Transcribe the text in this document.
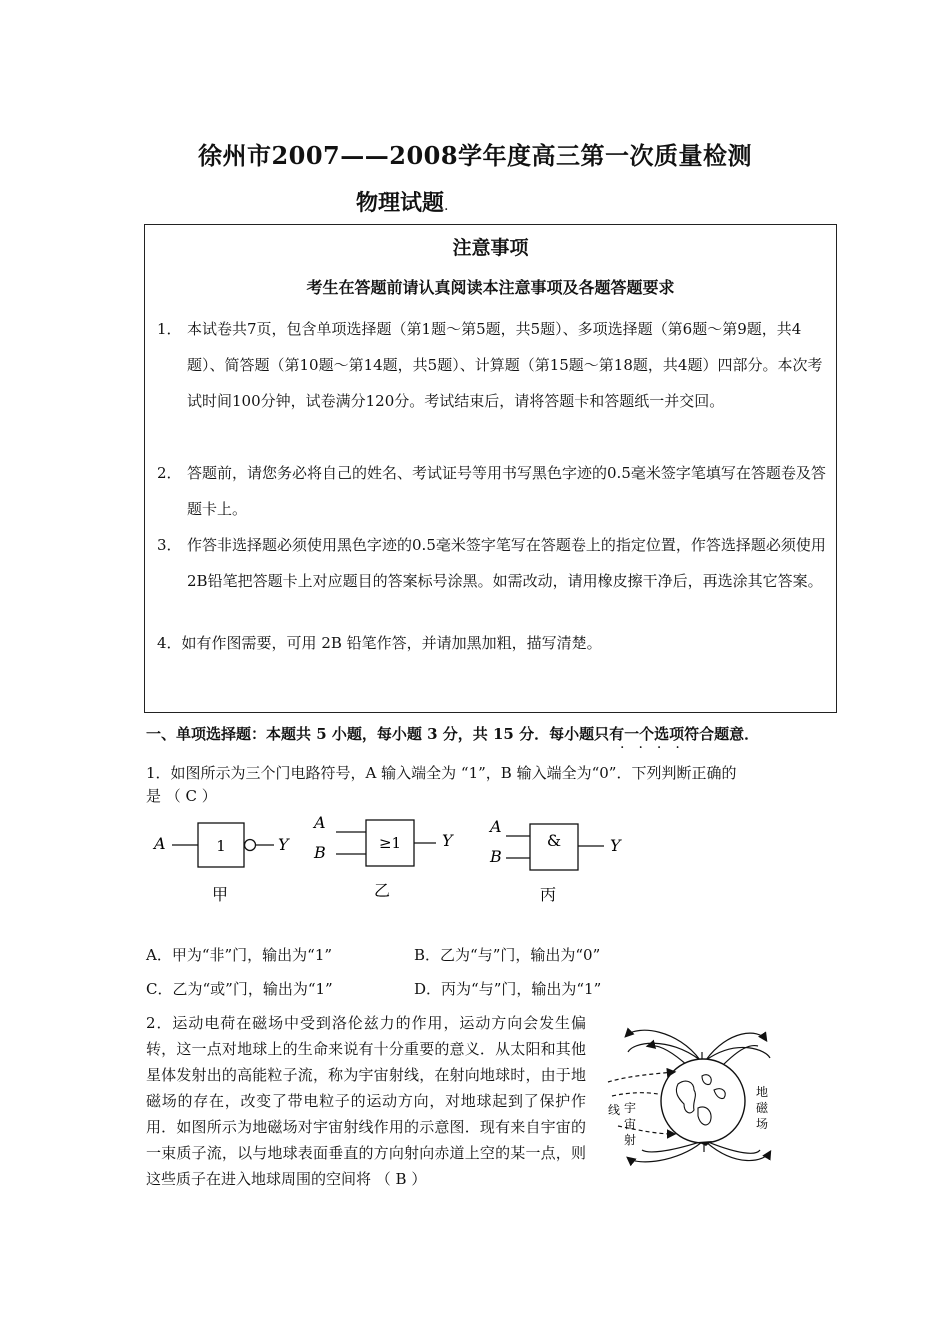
徐州市2007——2008学年度高三第一次质量检测
物理试题.
注意事项
考生在答题前请认真阅读本注意事项及各题答题要求
1． 本试卷共7页，包含单项选择题（第1题～第5题，共5题）、多项选择题（第6题～第9题，共4题）、简答题（第10题～第14题，共5题）、计算题（第15题～第18题，共4题）四部分。本次考试时间100分钟，试卷满分120分。考试结束后，请将答题卡和答题纸一并交回。
2． 答题前，请您务必将自己的姓名、考试证号等用书写黑色字迹的0.5毫米签字笔填写在答题卷及答题卡上。
3． 作答非选择题必须使用黑色字迹的0.5毫米签字笔写在答题卷上的指定位置，作答选择题必须使用2B铅笔把答题卡上对应题目的答案标号涂黑。如需改动，请用橡皮擦干净后，再选涂其它答案。
4．如有作图需要，可用 2B 铅笔作答，并请加黑加粗，描写清楚。
一、单项选择题：本题共 5 小题，每小题 3 分，共 15 分．每小题只有一个选项符合题意．
····
1．如图所示为三个门电路符号，A 输入端全为 “1”，B 输入端全为“0”．下列判断正确的
是 （ C ）
A	1	Y
甲
A
B	≥1	Y
乙
A
B
&	Y
丙
A．甲为“非”门，输出为“1”	B．乙为“与”门，输出为“0”
C．乙为“或”门，输出为“1”	D．丙为“与”门，输出为“1”
2．运动电荷在磁场中受到洛伦兹力的作用，运动方向会发生偏转，这一点对地球上的生命来说有十分重要的意义．从太阳和其他星体发射出的高能粒子流，称为宇宙射线，在射向地球时，由于地磁场的存在，改变了带电粒子的运动方向，对地球起到了保护作用．如图所示为地磁场对宇宙射线作用的示意图．现有来自宇宙的一束质子流，以与地球表面垂直的方向射向赤道上空的某一点，则这些质子在进入地球周围的空间将 （ B ）
线 宇
宙
射
地
磁
场
